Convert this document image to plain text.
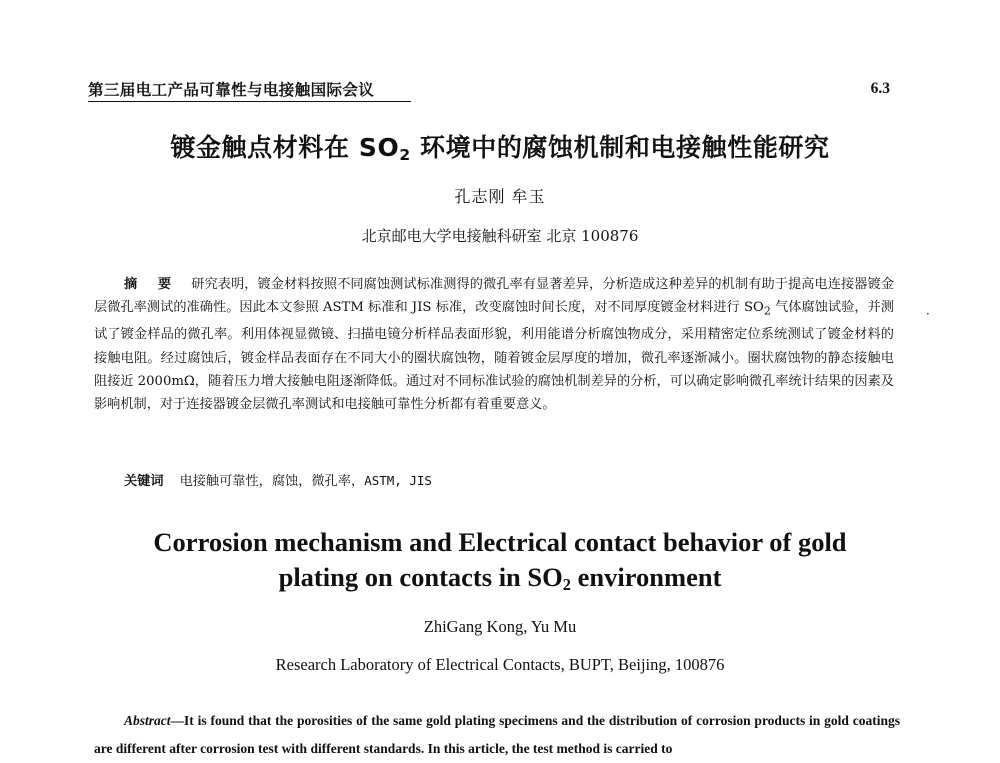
第三届电工产品可靠性与电接触国际会议	6.3
镀金触点材料在 $SO_2$ 环境中的腐蚀机制和电接触性能研究
孔志刚 牟玉
北京邮电大学电接触科研室 北京 100876
摘 要 研究表明，镀金材料按照不同腐蚀测试标准测得的微孔率有显著差异，分析造成这种差异的机制有助于提高电连接器镀金层微孔率测试的准确性。因此本文参照 ASTM 标准和 JIS 标准，改变腐蚀时间长度，对不同厚度镀金材料进行 $SO_2$ 气体腐蚀试验，并测试了镀金样品的微孔率。利用体视显微镜、扫描电镜分析样品表面形貌，利用能谱分析腐蚀物成分，采用精密定位系统测试了镀金材料的接触电阻。经过腐蚀后，镀金样品表面存在不同大小的圈状腐蚀物，随着镀金层厚度的增加，微孔率逐渐减小。圈状腐蚀物的静态接触电阻接近 2000mΩ，随着压力增大接触电阻逐渐降低。通过对不同标准试验的腐蚀机制差异的分析，可以确定影响微孔率统计结果的因素及影响机制，对于连接器镀金层微孔率测试和电接触可靠性分析都有着重要意义。
·
关键词 电接触可靠性，腐蚀，微孔率，ASTM, JIS
Corrosion mechanism and Electrical contact behavior of gold
plating on contacts in $SO_2$ environment
ZhiGang Kong, Yu Mu
Research Laboratory of Electrical Contacts, BUPT, Beijing, 100876
Abstract—It is found that the porosities of the same gold plating specimens and the distribution of corrosion products in gold coatings are different after corrosion test with different standards. In this article, the test method is carried to
